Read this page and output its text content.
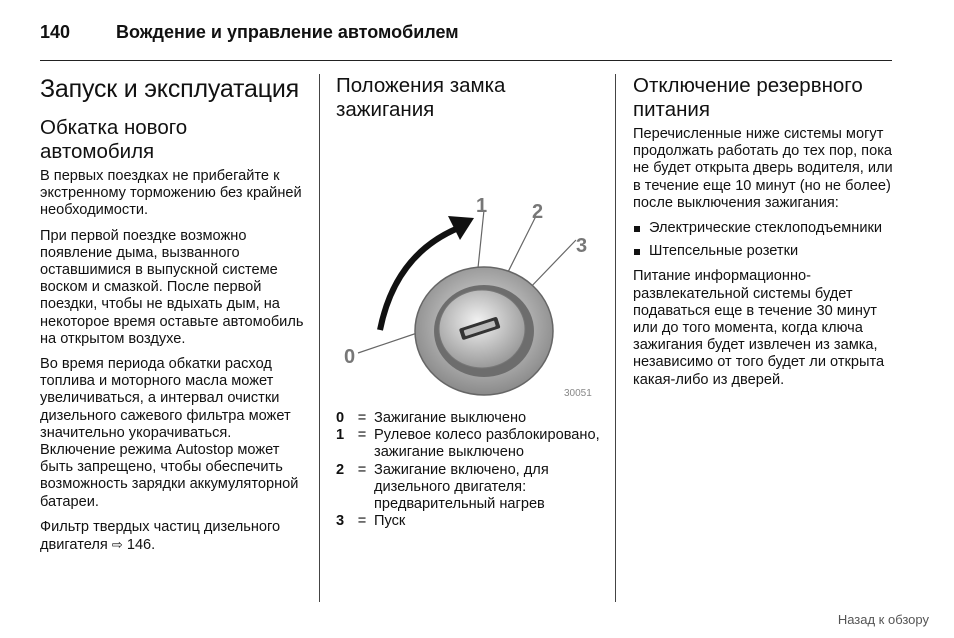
140	Вождение и управление автомобилем
Запуск и эксплуатация
Обкатка нового автомобиля

В первых поездках не прибегайте к экстренному торможению без крайней необходимости.

При первой поездке возможно появление дыма, вызванного оставшимися в выпускной системе воском и смазкой. После первой поездки, чтобы не вдыхать дым, на некоторое время оставьте автомобиль на открытом воздухе.

Во время периода обкатки расход топлива и моторного масла может увеличиваться, а интервал очистки дизельного сажевого фильтра может значительно укорачиваться. Включение режима Autostop может быть запрещено, чтобы обеспечить возможность зарядки аккумуляторной батареи.

Фильтр твердых частиц дизельного двигателя ⇨ 146.

Положения замка зажигания
0
1 2
3
30051
0 = Зажигание выключено
1 = Рулевое колесо разблокировано, зажигание выключено
2 = Зажигание включено, для дизельного двигателя: предварительный нагрев
3 = Пуск
Отключение резервного питания

Перечисленные ниже системы могут продолжать работать до тех пор, пока не будет открыта дверь водителя, или в течение еще 10 минут (но не более) после выключения зажигания:

Электрические стеклоподъемники
Штепсельные розетки

Питание информационно-развлекательной системы будет подаваться еще в течение 30 минут или до того момента, когда ключа зажигания будет извлечен из замка, независимо от того будет ли открыта какая-либо из дверей.

Назад к обзору
